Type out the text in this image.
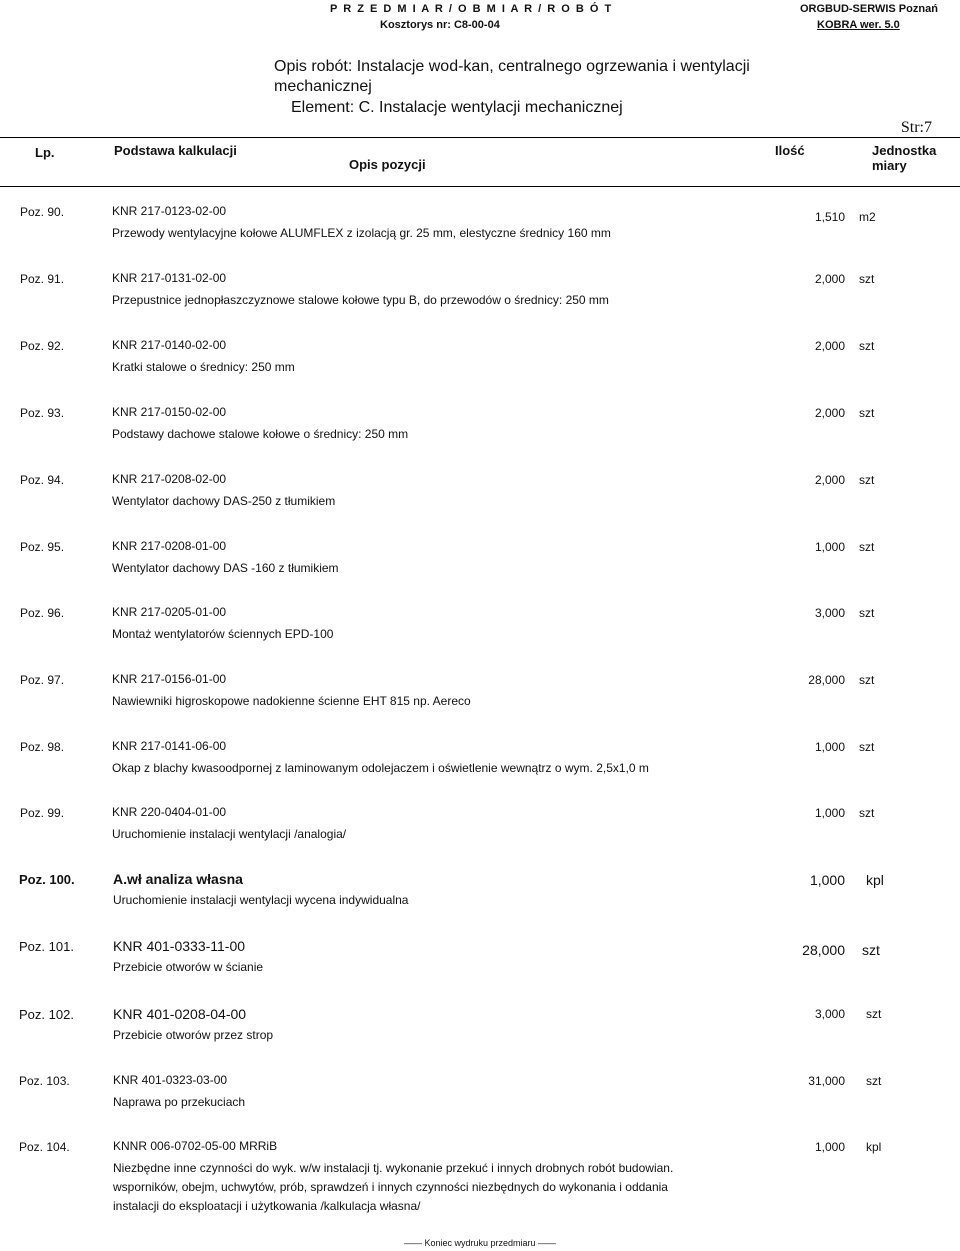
P R Z E D M I A R / O B M I A R / R O B Ó T
Kosztorys nr: C8-00-04
ORGBUD-SERWIS Poznań
KOBRA wer. 5.0
Opis robót: Instalacje wod-kan, centralnego ogrzewania i wentylacji
mechanicznej
Element: C. Instalacje wentylacji mechanicznej
Str:7
Lp.	Podstawa kalkulacji
Opis pozycji
Ilość	Jednostka
miary
Poz. 90.	KNR 217-0123-02-00	1,510 m2
Przewody wentylacyjne kołowe ALUMFLEX z izolacją gr. 25 mm, elestyczne średnicy 160 mm
Poz. 91.	KNR 217-0131-02-00	2,000 szt
Przepustnice jednopłaszczyznowe stalowe kołowe typu B, do przewodów o średnicy: 250 mm
Poz. 92.	KNR 217-0140-02-00	2,000 szt
Kratki stalowe o średnicy: 250 mm
Poz. 93.	KNR 217-0150-02-00	2,000 szt
Podstawy dachowe stalowe kołowe o średnicy: 250 mm
Poz. 94.	KNR 217-0208-02-00	2,000 szt
Wentylator dachowy DAS-250 z tłumikiem
Poz. 95.	KNR 217-0208-01-00	1,000 szt
Wentylator dachowy DAS -160 z tłumikiem
Poz. 96.	KNR 217-0205-01-00	3,000 szt
Montaż wentylatorów ściennych EPD-100
Poz. 97.	KNR 217-0156-01-00	28,000 szt
Nawiewniki higroskopowe nadokienne ścienne EHT 815 np. Aereco
Poz. 98.	KNR 217-0141-06-00	1,000 szt
Okap z blachy kwasoodpornej z laminowanym odolejaczem i oświetlenie wewnątrz o wym. 2,5x1,0 m
Poz. 99.	KNR 220-0404-01-00	1,000 szt
Uruchomienie instalacji wentylacji /analogia/
Poz. 100.	A.wł analiza własna	1,000 kpl
Uruchomienie instalacji wentylacji wycena indywidualna
Poz. 101.	KNR 401-0333-11-00	28,000 szt
Przebicie otworów w ścianie
Poz. 102.	KNR 401-0208-04-00	3,000 szt
Przebicie otworów przez strop
Poz. 103.	KNR 401-0323-03-00	31,000 szt
Naprawa po przekuciach
Poz. 104.	KNNR 006-0702-05-00 MRRiB	1,000 kpl
Niezbędne inne czynności do wyk. w/w instalacji tj. wykonanie przekuć i innych drobnych robót budowian.
wsporników, obejm, uchwytów, prób, sprawdzeń i innych czynności niezbędnych do wykonania i oddania
instalacji do eksploatacji i użytkowania /kalkulacja własna/
—— Koniec wydruku przedmiaru ——
